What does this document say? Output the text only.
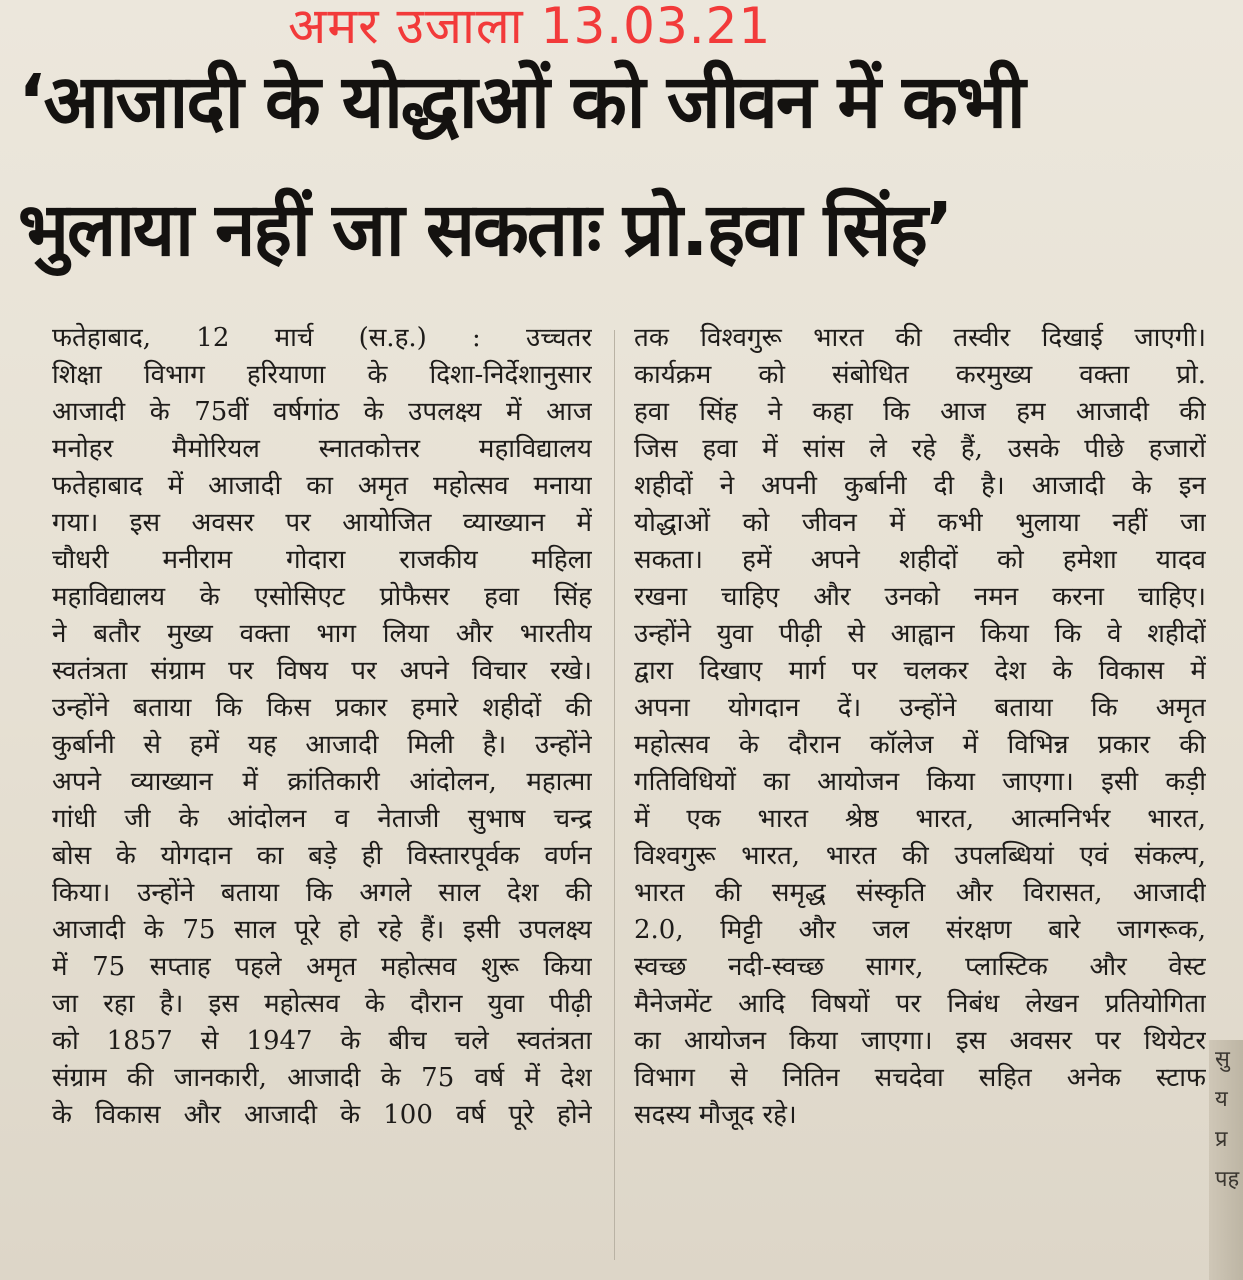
अमर उजाला 13.03.21
‘आजादी के योद्धाओं को जीवन में कभी
भुलाया नहीं जा सकताः प्रो.हवा सिंह’
फतेहाबाद, 12 मार्च (स.ह.) : उच्चतर
शिक्षा विभाग हरियाणा के दिशा-निर्देशानुसार
आजादी के 75वीं वर्षगांठ के उपलक्ष्य में आज
मनोहर मैमोरियल स्नातकोत्तर महाविद्यालय
फतेहाबाद में आजादी का अमृत महोत्सव मनाया
गया। इस अवसर पर आयोजित व्याख्यान में
चौधरी मनीराम गोदारा राजकीय महिला
महाविद्यालय के एसोसिएट प्रोफैसर हवा सिंह
ने बतौर मुख्य वक्ता भाग लिया और भारतीय
स्वतंत्रता संग्राम पर विषय पर अपने विचार रखे।
उन्होंने बताया कि किस प्रकार हमारे शहीदों की
कुर्बानी से हमें यह आजादी मिली है। उन्होंने
अपने व्याख्यान में क्रांतिकारी आंदोलन, महात्मा
गांधी जी के आंदोलन व नेताजी सुभाष चन्द्र
बोस के योगदान का बड़े ही विस्तारपूर्वक वर्णन
किया। उन्होंने बताया कि अगले साल देश की
आजादी के 75 साल पूरे हो रहे हैं। इसी उपलक्ष्य
में 75 सप्ताह पहले अमृत महोत्सव शुरू किया
जा रहा है। इस महोत्सव के दौरान युवा पीढ़ी
को 1857 से 1947 के बीच चले स्वतंत्रता
संग्राम की जानकारी, आजादी के 75 वर्ष में देश
के विकास और आजादी के 100 वर्ष पूरे होने
तक विश्वगुरू भारत की तस्वीर दिखाई जाएगी।
कार्यक्रम को संबोधित करमुख्य वक्ता प्रो.
हवा सिंह ने कहा कि आज हम आजादी की
जिस हवा में सांस ले रहे हैं, उसके पीछे हजारों
शहीदों ने अपनी कुर्बानी दी है। आजादी के इन
योद्धाओं को जीवन में कभी भुलाया नहीं जा
सकता। हमें अपने शहीदों को हमेशा यादव
रखना चाहिए और उनको नमन करना चाहिए।
उन्होंने युवा पीढ़ी से आह्वान किया कि वे शहीदों
द्वारा दिखाए मार्ग पर चलकर देश के विकास में
अपना योगदान दें। उन्होंने बताया कि अमृत
महोत्सव के दौरान कॉलेज में विभिन्न प्रकार की
गतिविधियों का आयोजन किया जाएगा। इसी कड़ी
में एक भारत श्रेष्ठ भारत, आत्मनिर्भर भारत,
विश्वगुरू भारत, भारत की उपलब्धियां एवं संकल्प,
भारत की समृद्ध संस्कृति और विरासत, आजादी
2.0, मिट्टी और जल संरक्षण बारे जागरूक,
स्वच्छ नदी-स्वच्छ सागर, प्लास्टिक और वेस्ट
मैनेजमेंट आदि विषयों पर निबंध लेखन प्रतियोगिता
का आयोजन किया जाएगा। इस अवसर पर थियेटर
विभाग से नितिन सचदेवा सहित अनेक स्टाफ
सदस्य मौजूद रहे।
सु
य
प्र
पह
